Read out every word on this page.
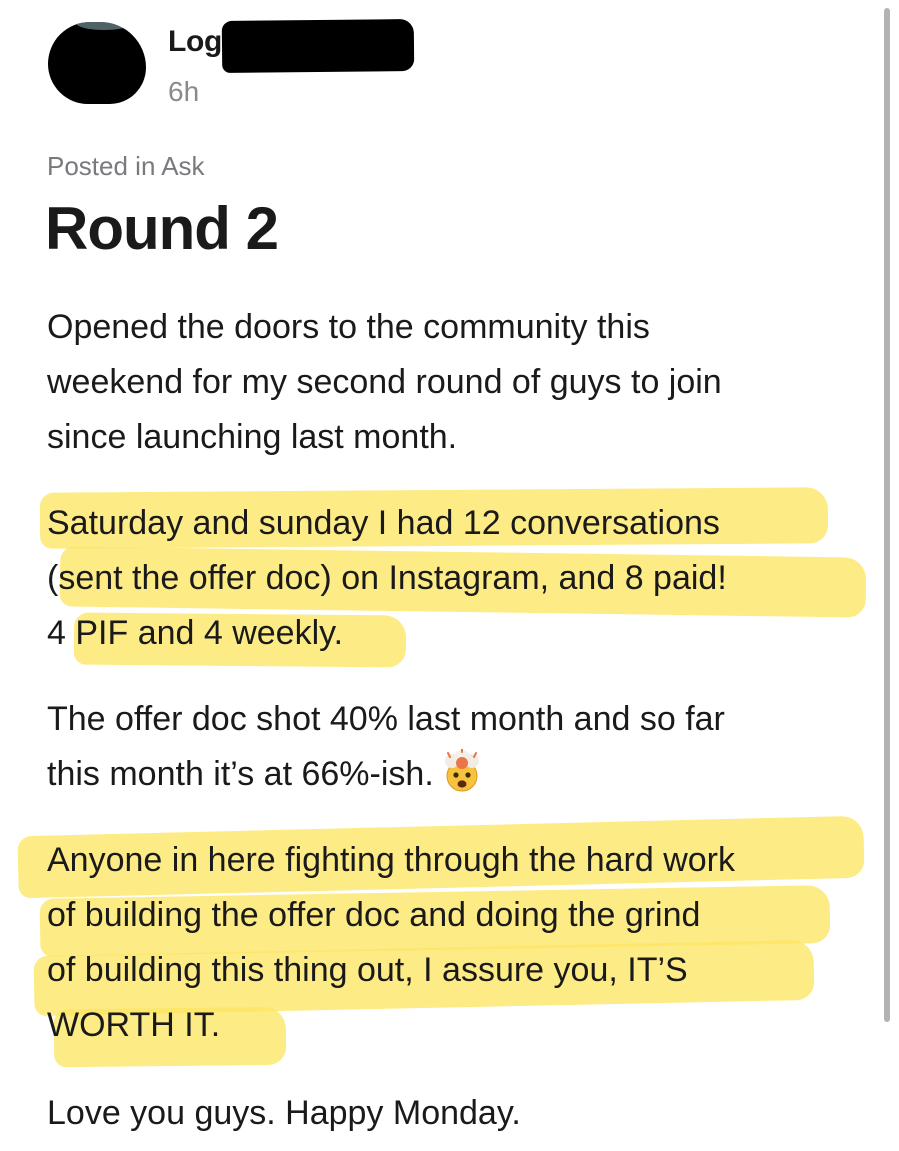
Log
6h
Posted in Ask
Round 2
Opened the doors to the community this
weekend for my second round of guys to join
since launching last month.
Saturday and sunday I had 12 conversations
(sent the offer doc) on Instagram, and 8 paid!
4 PIF and 4 weekly.
The offer doc shot 40% last month and so far
this month it’s at 66%-ish.
Anyone in here fighting through the hard work
of building the offer doc and doing the grind
of building this thing out, I assure you, IT’S
WORTH IT.
Love you guys. Happy Monday.
